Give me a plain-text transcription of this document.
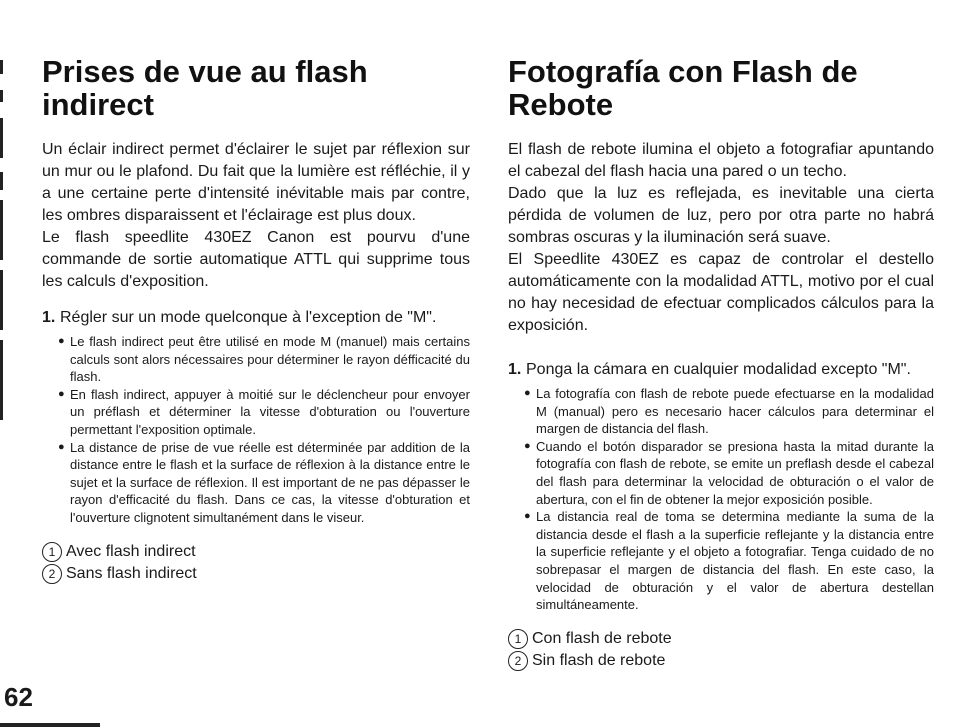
Prises de vue au flash indirect

Un éclair indirect permet d'éclairer le sujet par réflexion sur un mur ou le plafond. Du fait que la lumière est réfléchie, il y a une certaine perte d'intensité inévitable mais par contre, les ombres disparaissent et l'éclairage est plus doux.

Le flash speedlite 430EZ Canon est pourvu d'une commande de sortie automatique ATTL qui supprime tous les calculs d'exposition.

1. Régler sur un mode quelconque à l'exception de "M".
● Le flash indirect peut être utilisé en mode M (manuel) mais certains calculs sont alors nécessaires pour déterminer le rayon défficacité du flash.
● En flash indirect, appuyer à moitié sur le déclencheur pour envoyer un préflash et déterminer la vitesse d'obturation ou l'ouverture permettant l'exposition optimale.
● La distance de prise de vue réelle est déterminée par addition de la distance entre le flash et la surface de réflexion à la distance entre le sujet et la surface de réflexion. Il est important de ne pas dépasser le rayon d'efficacité du flash. Dans ce cas, la vitesse d'obturation et l'ouverture clignotent simultanément dans le viseur.
1 Avec flash indirect
2 Sans flash indirect
Fotografía con Flash de Rebote

El flash de rebote ilumina el objeto a fotografiar apuntando el cabezal del flash hacia una pared o un techo.

Dado que la luz es reflejada, es inevitable una cierta pérdida de volumen de luz, pero por otra parte no habrá sombras oscuras y la iluminación será suave.

El Speedlite 430EZ es capaz de controlar el destello automáticamente con la modalidad ATTL, motivo por el cual no hay necesidad de efectuar complicados cálculos para la exposición.

1. Ponga la cámara en cualquier modalidad excepto "M".
● La fotografía con flash de rebote puede efectuarse en la modalidad M (manual) pero es necesario hacer cálculos para determinar el margen de distancia del flash.
● Cuando el botón disparador se presiona hasta la mitad durante la fotografía con flash de rebote, se emite un preflash desde el cabezal del flash para determinar la velocidad de obturación o el valor de abertura, con el fin de obtener la mejor exposición posible.
● La distancia real de toma se determina mediante la suma de la distancia desde el flash a la superficie reflejante y la distancia entre la superficie reflejante y el objeto a fotografiar. Tenga cuidado de no sobrepasar el margen de distancia del flash. En este caso, la velocidad de obturación y el valor de abertura destellan simultáneamente.
1 Con flash de rebote
2 Sin flash de rebote
62
